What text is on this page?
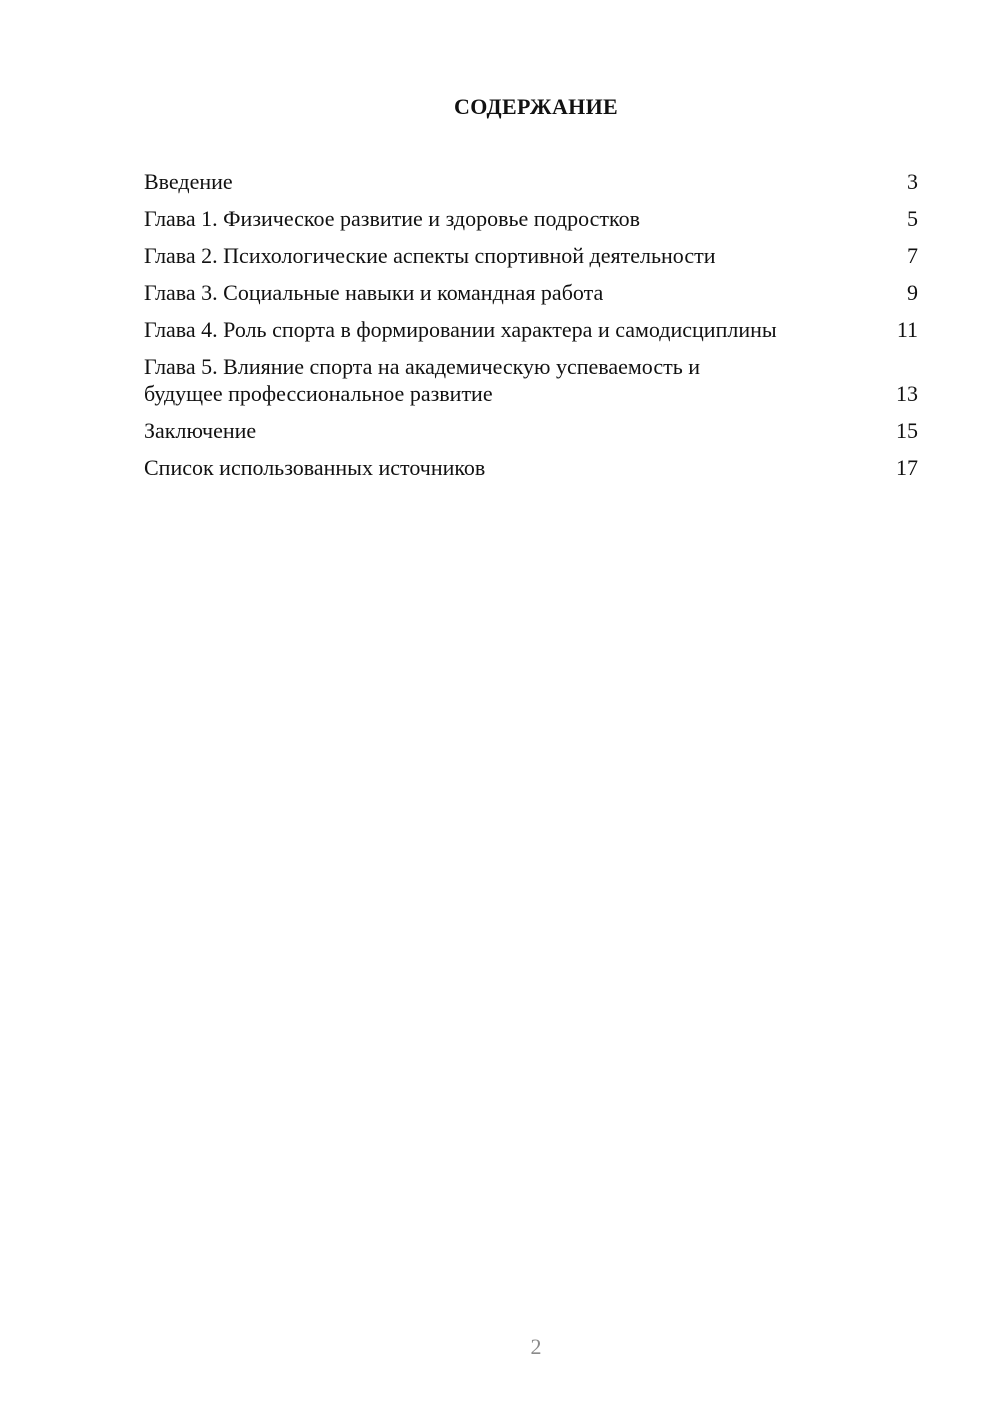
СОДЕРЖАНИЕ
Введение	3
Глава 1. Физическое развитие и здоровье подростков	5
Глава 2. Психологические аспекты спортивной деятельности	7
Глава 3. Социальные навыки и командная работа	9
Глава 4. Роль спорта в формировании характера и самодисциплины	11
Глава 5. Влияние спорта на академическую успеваемость и будущее профессиональное развитие	13
Заключение	15
Список использованных источников	17
2
